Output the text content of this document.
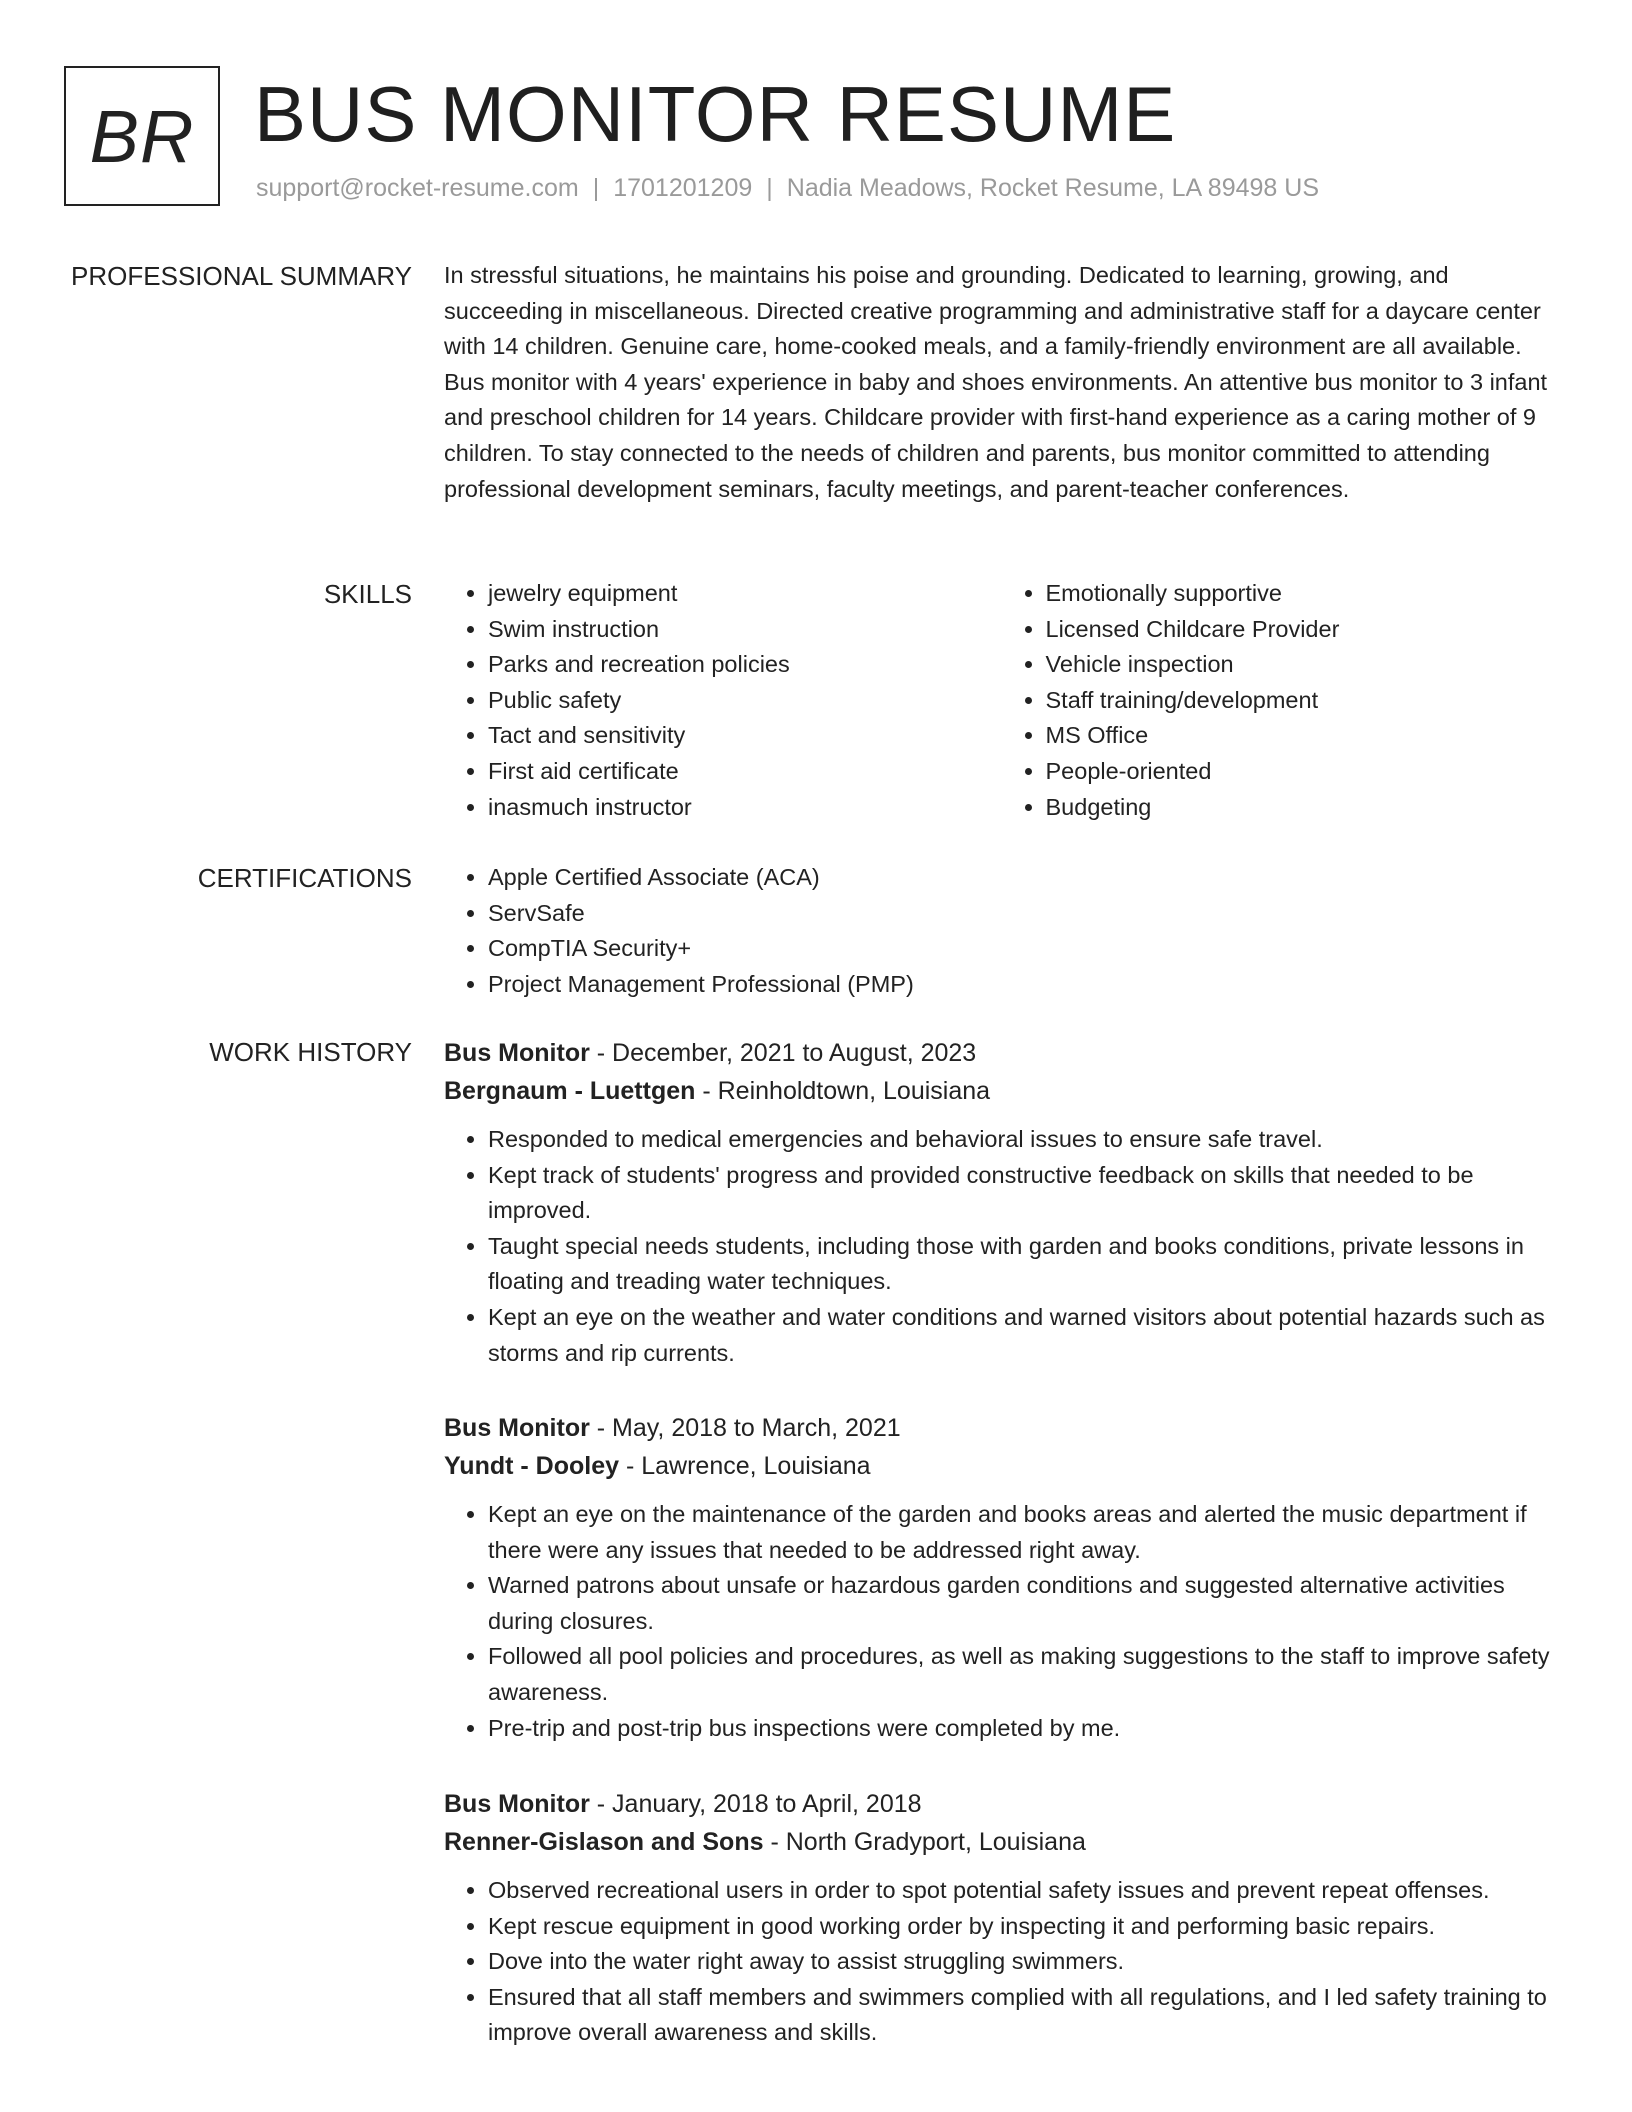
BR BUS MONITOR RESUME
support@rocket-resume.com | 1701201209 | Nadia Meadows, Rocket Resume, LA 89498 US
PROFESSIONAL SUMMARY In stressful situations, he maintains his poise and grounding. Dedicated to learning, growing, and succeeding in miscellaneous. Directed creative programming and administrative staff for a daycare center with 14 children. Genuine care, home-cooked meals, and a family-friendly environment are all available. Bus monitor with 4 years' experience in baby and shoes environments. An attentive bus monitor to 3 infant and preschool children for 14 years. Childcare provider with first-hand experience as a caring mother of 9 children. To stay connected to the needs of children and parents, bus monitor committed to attending professional development seminars, faculty meetings, and parent-teacher conferences.

SKILLS	• jewelry equipment
• Swim instruction
• Parks and recreation policies
• Public safety
• Tact and sensitivity
• First aid certificate
• inasmuch instructor
• Emotionally supportive
• Licensed Childcare Provider
• Vehicle inspection
• Staff training/development
• MS Office
• People-oriented
• Budgeting
CERTIFICATIONS	• Apple Certified Associate (ACA)
• ServSafe
• CompTIA Security+
• Project Management Professional (PMP)
WORK HISTORY Bus Monitor - December, 2021 to August, 2023
Bergnaum - Luettgen - Reinholdtown, Louisiana
• Responded to medical emergencies and behavioral issues to ensure safe travel.
• Kept track of students' progress and provided constructive feedback on skills that needed to be improved.
• Taught special needs students, including those with garden and books conditions, private lessons in floating and treading water techniques.
• Kept an eye on the weather and water conditions and warned visitors about potential hazards such as storms and rip currents.
Bus Monitor - May, 2018 to March, 2021
Yundt - Dooley - Lawrence, Louisiana
• Kept an eye on the maintenance of the garden and books areas and alerted the music department if there were any issues that needed to be addressed right away.
• Warned patrons about unsafe or hazardous garden conditions and suggested alternative activities during closures.
• Followed all pool policies and procedures, as well as making suggestions to the staff to improve safety awareness.
• Pre-trip and post-trip bus inspections were completed by me.
Bus Monitor - January, 2018 to April, 2018
Renner-Gislason and Sons - North Gradyport, Louisiana
• Observed recreational users in order to spot potential safety issues and prevent repeat offenses.
• Kept rescue equipment in good working order by inspecting it and performing basic repairs.
• Dove into the water right away to assist struggling swimmers.
• Ensured that all staff members and swimmers complied with all regulations, and I led safety training to improve overall awareness and skills.
